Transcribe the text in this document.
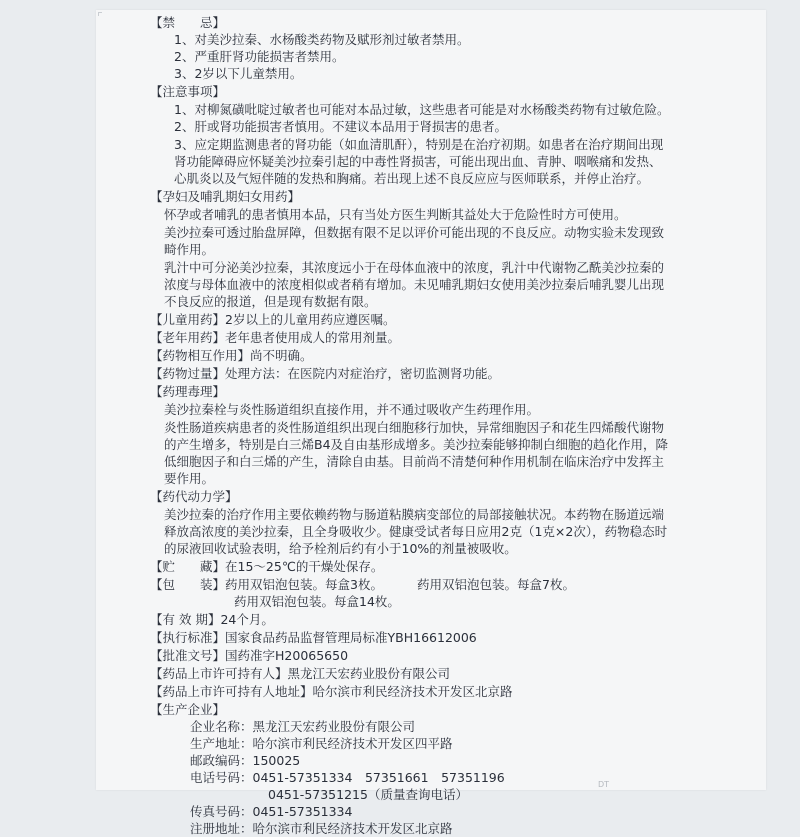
【禁　　忌】
1、对美沙拉秦、水杨酸类药物及赋形剂过敏者禁用。
2、严重肝肾功能损害者禁用。
3、2岁以下儿童禁用。
【注意事项】
1、对柳氮磺吡啶过敏者也可能对本品过敏，这些患者可能是对水杨酸类药物有过敏危险。
2、肝或肾功能损害者慎用。不建议本品用于肾损害的患者。
3、应定期监测患者的肾功能（如血清肌酐），特别是在治疗初期。如患者在治疗期间出现肾功能障碍应怀疑美沙拉秦引起的中毒性肾损害，可能出现出血、青肿、咽喉痛和发热、心肌炎以及气短伴随的发热和胸痛。若出现上述不良反应应与医师联系，并停止治疗。
【孕妇及哺乳期妇女用药】
怀孕或者哺乳的患者慎用本品，只有当处方医生判断其益处大于危险性时方可使用。
美沙拉秦可透过胎盘屏障，但数据有限不足以评价可能出现的不良反应。动物实验未发现致畸作用。
乳汁中可分泌美沙拉秦，其浓度远小于在母体血液中的浓度，乳汁中代谢物乙酰美沙拉秦的浓度与母体血液中的浓度相似或者稍有增加。未见哺乳期妇女使用美沙拉秦后哺乳婴儿出现不良反应的报道，但是现有数据有限。
【儿童用药】2岁以上的儿童用药应遵医嘱。
【老年用药】老年患者使用成人的常用剂量。
【药物相互作用】尚不明确。
【药物过量】处理方法：在医院内对症治疗，密切监测肾功能。
【药理毒理】
美沙拉秦栓与炎性肠道组织直接作用，并不通过吸收产生药理作用。
炎性肠道疾病患者的炎性肠道组织出现白细胞移行加快，异常细胞因子和花生四烯酸代谢物的产生增多，特别是白三烯B4及自由基形成增多。美沙拉秦能够抑制白细胞的趋化作用，降低细胞因子和白三烯的产生，清除自由基。目前尚不清楚何种作用机制在临床治疗中发挥主要作用。
【药代动力学】
美沙拉秦的治疗作用主要依赖药物与肠道粘膜病变部位的局部接触状况。本药物在肠道远端释放高浓度的美沙拉秦，且全身吸收少。健康受试者每日应用2克（1克×2次），药物稳态时的尿液回收试验表明，给予栓剂后约有小于10%的剂量被吸收。
【贮　　藏】在15～25℃的干燥处保存。
【包　　装】药用双铝泡包装。每盒3枚。	药用双铝泡包装。每盒7枚。
药用双铝泡包装。每盒14枚。
【有 效 期】24个月。
【执行标准】国家食品药品监督管理局标准YBH16612006
【批准文号】国药准字H20065650
【药品上市许可持有人】黑龙江天宏药业股份有限公司
【药品上市许可持有人地址】哈尔滨市利民经济技术开发区北京路
【生产企业】
企业名称：黑龙江天宏药业股份有限公司
生产地址：哈尔滨市利民经济技术开发区四平路
邮政编码：150025
电话号码：0451-57351334　57351661　57351196
0451-57351215（质量查询电话）
传真号码：0451-57351334
注册地址：哈尔滨市利民经济技术开发区北京路
DT
